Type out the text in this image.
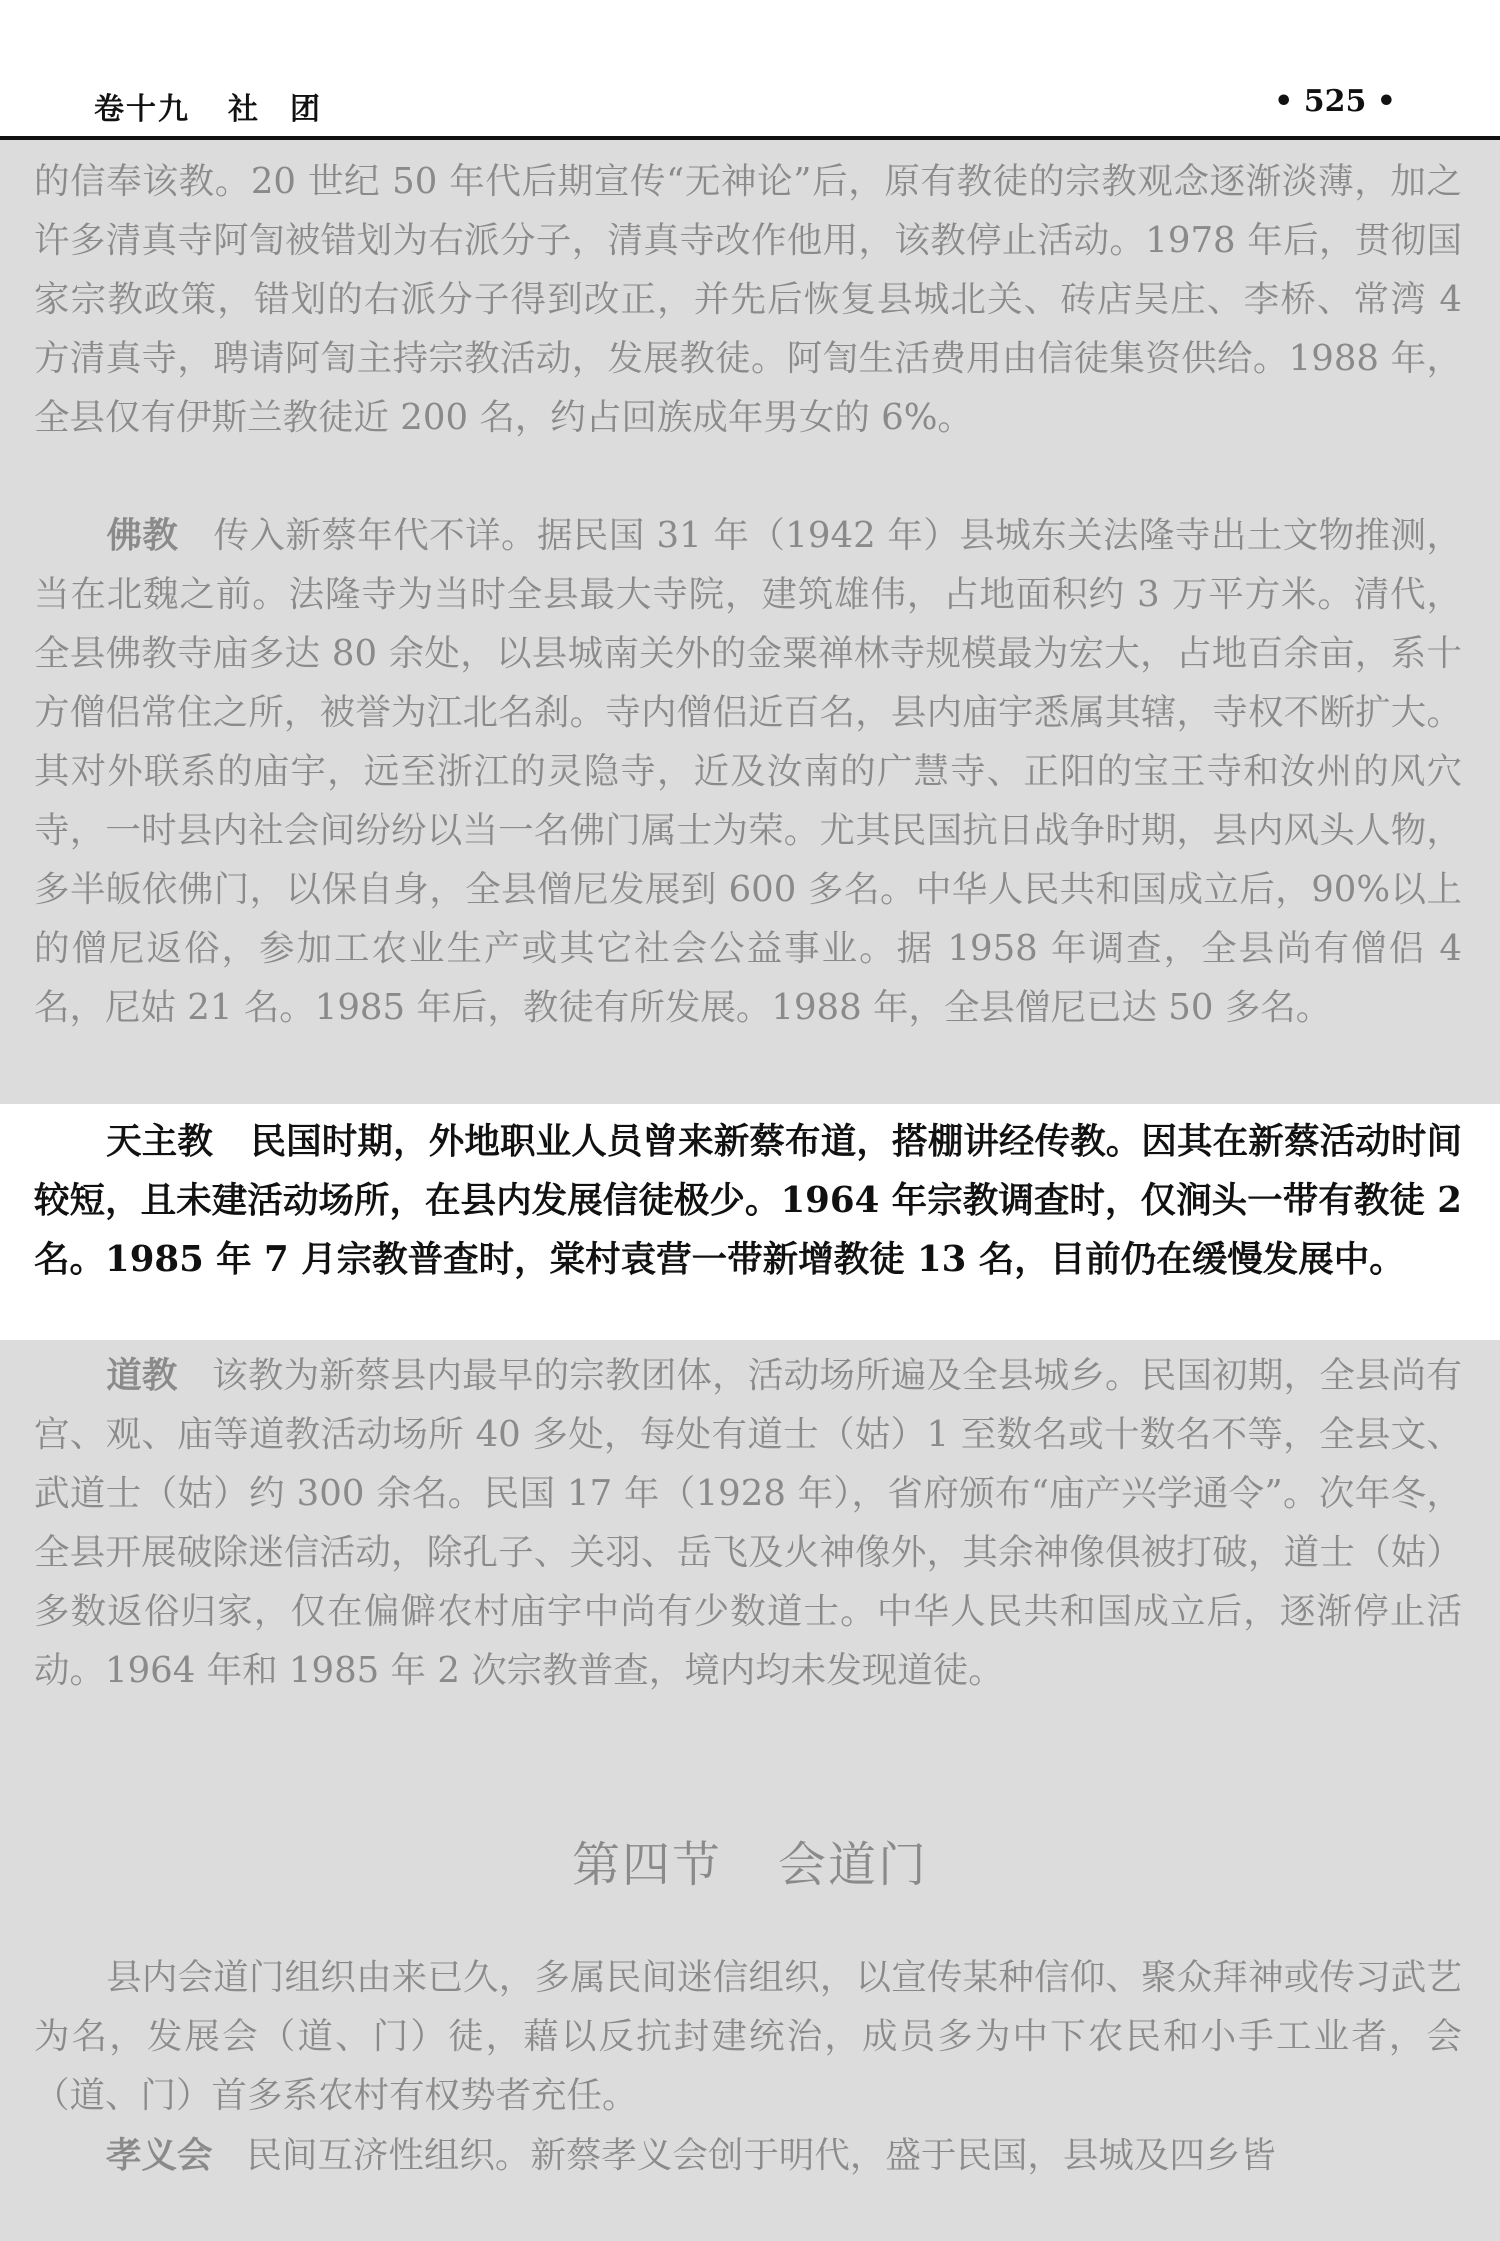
卷十九 社 团	• 525 •

的信奉该教。20 世纪 50 年代后期宣传“无神论”后，原有教徒的宗教观念逐渐淡薄，加之许多清真寺阿訇被错划为右派分子，清真寺改作他用，该教停止活动。1978 年后，贯彻国家宗教政策，错划的右派分子得到改正，并先后恢复县城北关、砖店吴庄、李桥、常湾 4 方清真寺，聘请阿訇主持宗教活动，发展教徒。阿訇生活费用由信徒集资供给。1988 年，全县仅有伊斯兰教徒近 200 名，约占回族成年男女的 6%。

佛教 传入新蔡年代不详。据民国 31 年（1942 年）县城东关法隆寺出土文物推测，当在北魏之前。法隆寺为当时全县最大寺院，建筑雄伟，占地面积约 3 万平方米。清代，全县佛教寺庙多达 80 余处，以县城南关外的金粟禅林寺规模最为宏大，占地百余亩，系十方僧侣常住之所，被誉为江北名刹。寺内僧侣近百名，县内庙宇悉属其辖，寺权不断扩大。其对外联系的庙宇，远至浙江的灵隐寺，近及汝南的广慧寺、正阳的宝王寺和汝州的风穴寺，一时县内社会间纷纷以当一名佛门属士为荣。尤其民国抗日战争时期，县内风头人物，多半皈依佛门，以保自身，全县僧尼发展到 600 多名。中华人民共和国成立后，90%以上的僧尼返俗，参加工农业生产或其它社会公益事业。据 1958 年调查，全县尚有僧侣 4 名，尼姑 21 名。1985 年后，教徒有所发展。1988 年，全县僧尼已达 50 多名。

天主教 民国时期，外地职业人员曾来新蔡布道，搭棚讲经传教。因其在新蔡活动时间较短，且未建活动场所，在县内发展信徒极少。1964 年宗教调查时，仅涧头一带有教徒 2 名。1985 年 7 月宗教普查时，棠村袁营一带新增教徒 13 名，目前仍在缓慢发展中。

道教 该教为新蔡县内最早的宗教团体，活动场所遍及全县城乡。民国初期，全县尚有宫、观、庙等道教活动场所 40 多处，每处有道士（姑）1 至数名或十数名不等，全县文、武道士（姑）约 300 余名。民国 17 年（1928 年），省府颁布“庙产兴学通令”。次年冬，全县开展破除迷信活动，除孔子、关羽、岳飞及火神像外，其余神像俱被打破，道士（姑）多数返俗归家，仅在偏僻农村庙宇中尚有少数道士。中华人民共和国成立后，逐渐停止活动。1964 年和 1985 年 2 次宗教普查，境内均未发现道徒。

第四节 会道门

县内会道门组织由来已久，多属民间迷信组织，以宣传某种信仰、聚众拜神或传习武艺为名，发展会（道、门）徒，藉以反抗封建统治，成员多为中下农民和小手工业者，会（道、门）首多系农村有权势者充任。

孝义会 民间互济性组织。新蔡孝义会创于明代，盛于民国，县城及四乡皆
